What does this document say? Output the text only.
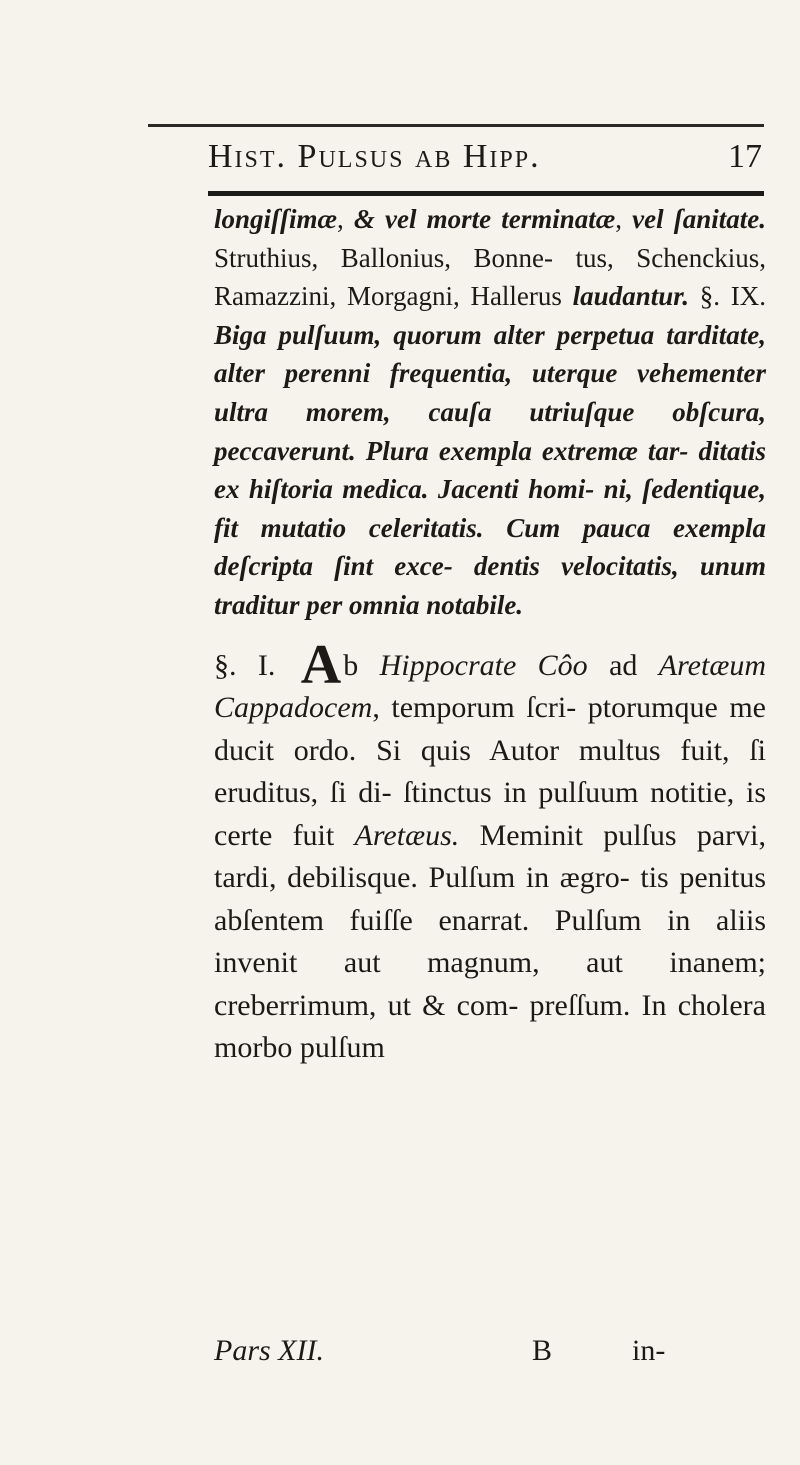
Hist. Pulsus ab Hipp.	17

longiſſimæ, & vel morte terminatæ, vel ſanitate. Struthius, Ballonius, Bonne- tus, Schenckius, Ramazzini, Morgagni, Hallerus laudantur. §. IX. Biga pulſuum, quorum alter perpetua tarditate, alter perenni frequentia, uterque vehementer ultra morem, cauſa utriuſque obſcura, peccaverunt. Plura exempla extremæ tar- ditatis ex hiſtoria medica. Jacenti homi- ni, ſedentique, fit mutatio celeritatis. Cum pauca exempla deſcripta ſint exce- dentis velocitatis, unum traditur per omnia notabile.

§. I. Ab Hippocrate Côo ad Aretæum Cappadocem, temporum ſcri- ptorumque me ducit ordo. Si quis Autor multus fuit, ſi eruditus, ſi di- ſtinctus in pulſuum notitie, is certe fuit Aretæus. Meminit pulſus parvi, tardi, debilisque. Pulſum in ægro- tis penitus abſentem fuiſſe enarrat. Pulſum in aliis invenit aut magnum, aut inanem; creberrimum, ut & com- preſſum. In cholera morbo pulſum

Pars XII.	B	in-
